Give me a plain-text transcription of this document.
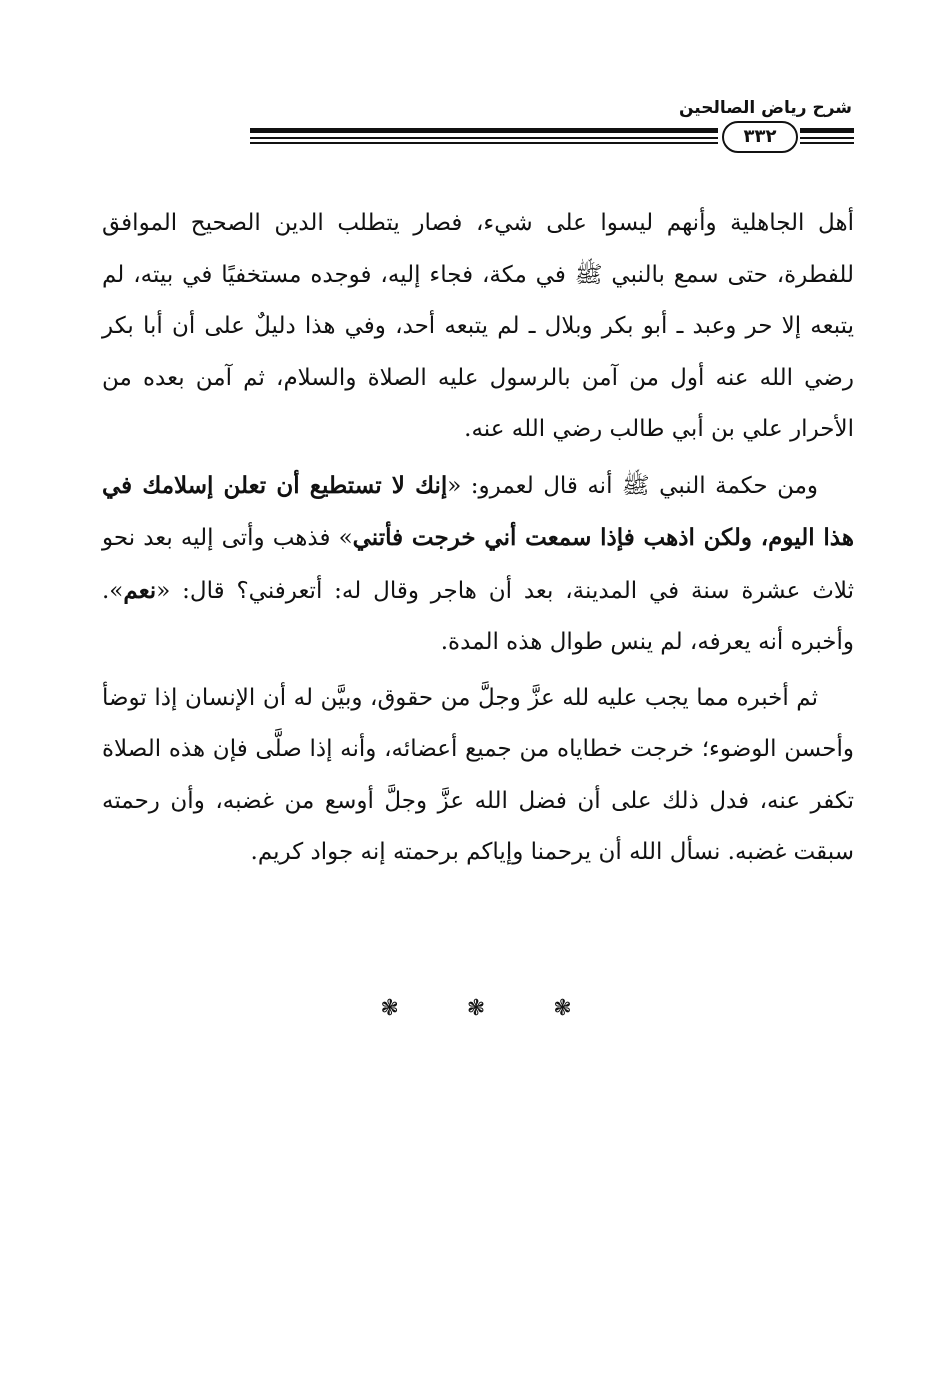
شرح رياض الصالحين
٣٣٢

أهل الجاهلية وأنهم ليسوا على شيء، فصار يتطلب الدين الصحيح الموافق للفطرة، حتى سمع بالنبي ﷺ في مكة، فجاء إليه، فوجده مستخفيًا في بيته، لم يتبعه إلا حر وعبد ـ أبو بكر وبلال ـ لم يتبعه أحد، وفي هذا دليلٌ على أن أبا بكر رضي الله عنه أول من آمن بالرسول عليه الصلاة والسلام، ثم آمن بعده من الأحرار علي بن أبي طالب رضي الله عنه.

ومن حكمة النبي ﷺ أنه قال لعمرو: «إنك لا تستطيع أن تعلن إسلامك في هذا اليوم، ولكن اذهب فإذا سمعت أني خرجت فأتني» فذهب وأتى إليه بعد نحو ثلاث عشرة سنة في المدينة، بعد أن هاجر وقال له: أتعرفني؟ قال: «نعم». وأخبره أنه يعرفه، لم ينس طوال هذه المدة.

ثم أخبره مما يجب عليه لله عزَّ وجلَّ من حقوق، وبيَّن له أن الإنسان إذا توضأ وأحسن الوضوء؛ خرجت خطاياه من جميع أعضائه، وأنه إذا صلَّى فإن هذه الصلاة تكفر عنه، فدل ذلك على أن فضل الله عزَّ وجلَّ أوسع من غضبه، وأن رحمته سبقت غضبه. نسأل الله أن يرحمنا وإياكم برحمته إنه جواد كريم.

❃❃❃
